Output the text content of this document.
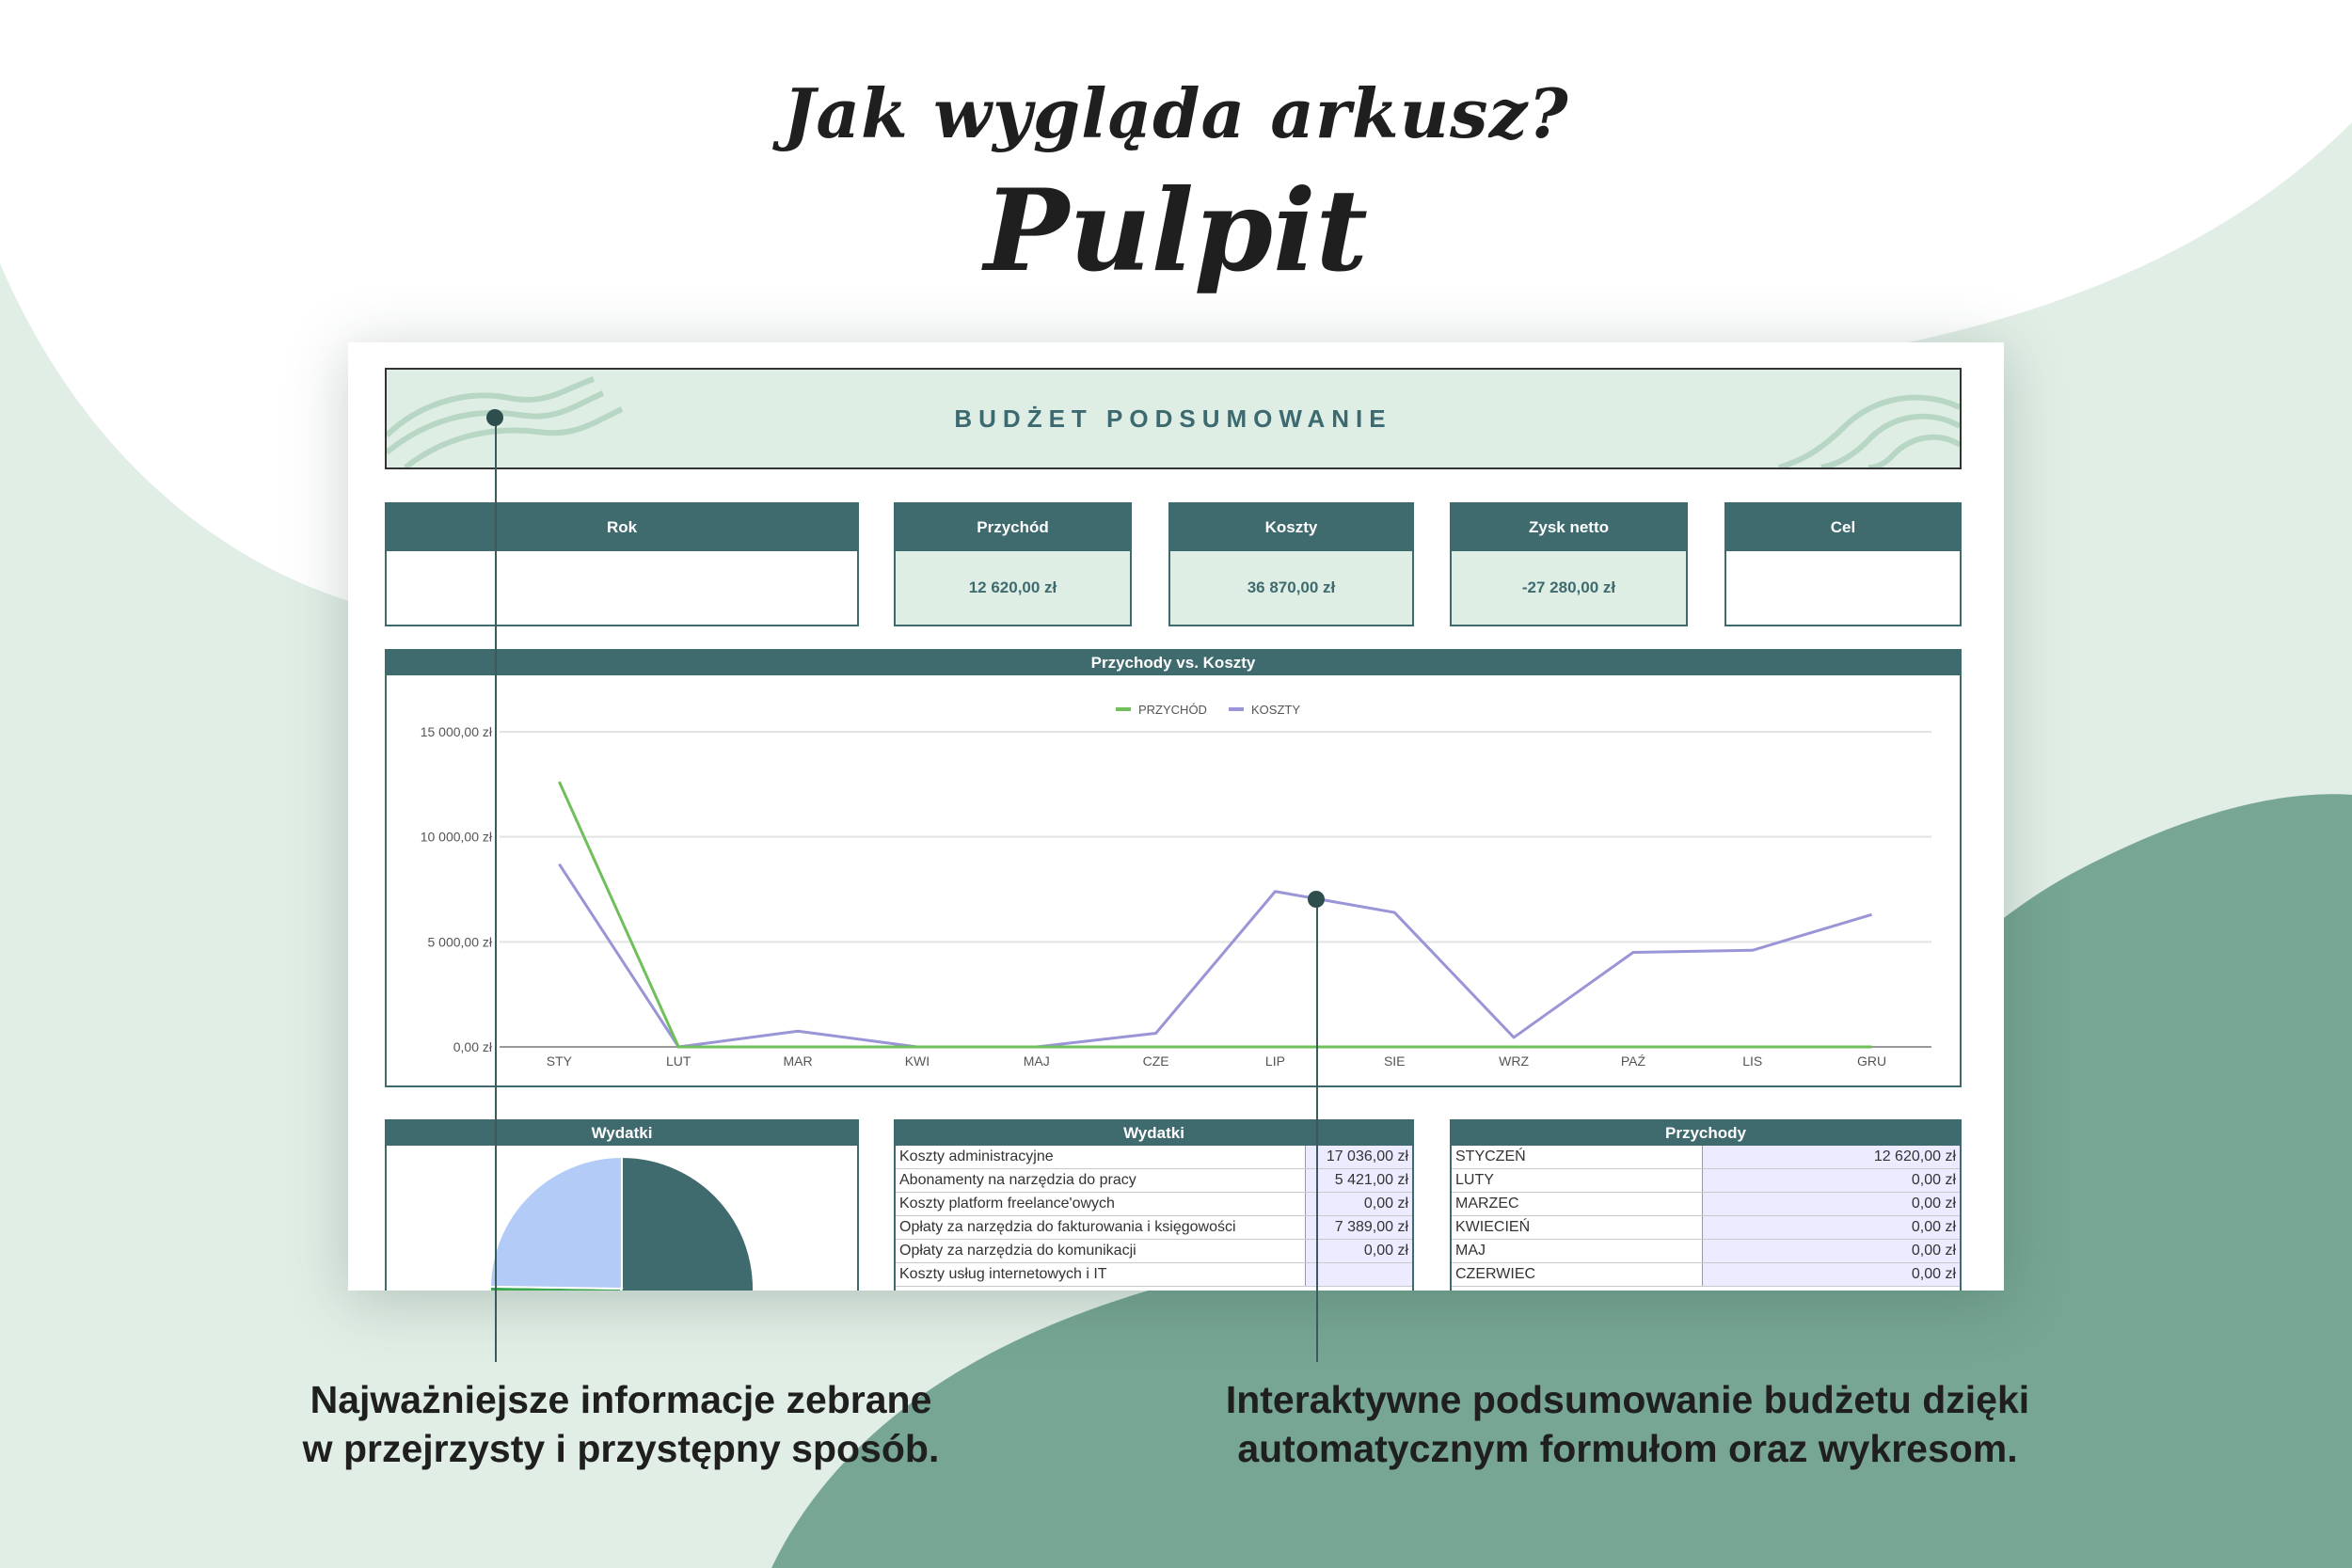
Jak wygląda arkusz?
Pulpit
BUDŻET PODSUMOWANIE
Rok	Przychód
12 620,00 zł
Koszty
36 870,00 zł
Zysk netto
-27 280,00 zł
Cel
Przychody vs. Koszty
0,00 zł
5 000,00 zł
10 000,00 zł
15 000,00 zł
STY	LUT	MAR	KWI	MAJ	CZE	LIP	SIE	WRZ	PAŹ	LIS	GRU
PRZYCHÓD	KOSZTY
Wydatki	Wydatki
Koszty administracyjne	17 036,00 zł
Abonamenty na narzędzia do pracy	5 421,00 zł
Koszty platform freelance'owych	0,00 zł
Opłaty za narzędzia do fakturowania i księgowości	7 389,00 zł
Opłaty za narzędzia do komunikacji	0,00 zł
Koszty usług internetowych i IT	
Przychody
STYCZEŃ	12 620,00 zł
LUTY	0,00 zł
MARZEC	0,00 zł
KWIECIEŃ	0,00 zł
MAJ	0,00 zł
CZERWIEC	0,00 zł
Najważniejsze informacje zebrane
w przejrzysty i przystępny sposób.
Interaktywne podsumowanie budżetu dzięki
automatycznym formułom oraz wykresom.
